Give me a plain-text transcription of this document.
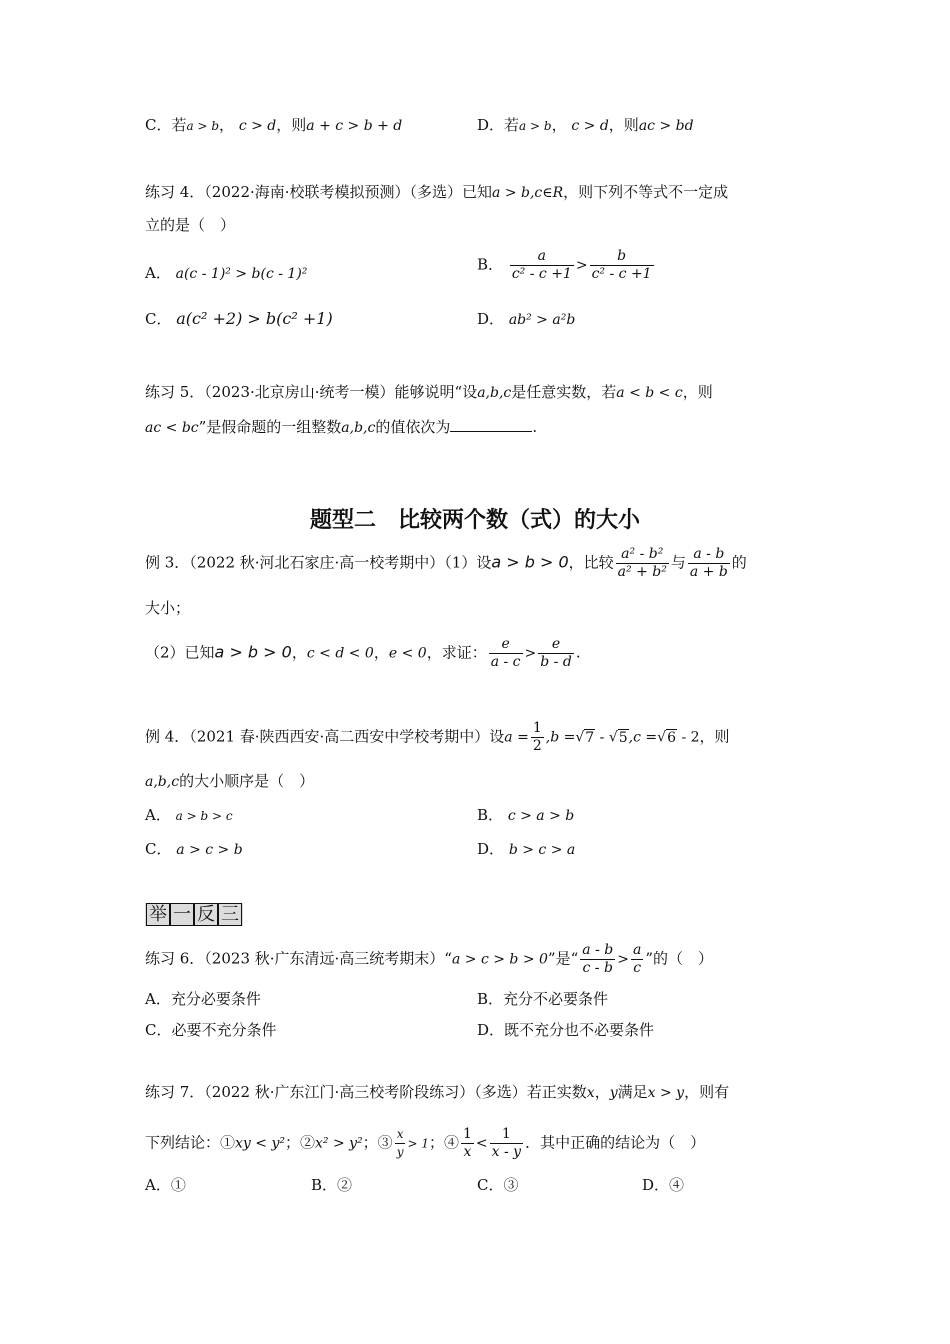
C．若a > b， c > d，则a + c > b + d	D．若a > b， c > d，则ac > bd
练习 4．（2022·海南·校联考模拟预测）（多选）已知a > b,c∈R，则下列不等式不一定成
立的是（　）
A． a(c - 1)² > b(c - 1)²
B． $\frac{a}{\text{c² - c +1}} > \frac{b}{\text{c² - c +1}}$
C． a(c² +2) > b(c² +1)	D． ab² > a²b
练习 5．（2023·北京房山·统考一模）能够说明“设a,b,c是任意实数，若a < b < c，则
ac < bc”是假命题的一组整数a,b,c的值依次为	.
题型二　比较两个数（式）的大小
例 3．（2022 秋·河北石家庄·高一校考期中）（1）设a > b > 0，比较 $\frac{\text{a² - b²}}{\text{a² + b²}}$ 与 $\frac{a - b}{a + b}$ 的
大小；
（2）已知a > b > 0，c < d < 0，e < 0，求证： $\frac{e}{a - c} > \frac{e}{b - d}$ .
例 4．（2021 春·陕西西安·高二西安中学校考期中）设$a = \frac{1}{2} ,b =√7 - √5,c =√6 - 2$，则
a,b,c的大小顺序是（　）
A． a > b > c	B． c > a > b
C． a > c > b	D． b > c > a
举 一 反 三
练习 6．（2023 秋·广东清远·高三统考期末）“a > c > b > 0”是“ $\frac{a - b}{c - b} > \frac{a}{c}$ ”的（　）
A．充分必要条件	B．充分不必要条件
C．必要不充分条件	D．既不充分也不必要条件
练习 7．（2022 秋·广东江门·高三校考阶段练习）（多选）若正实数x，y满足x > y，则有
下列结论：①xy < y²；②x² > y²；③ $\frac{x}{y} > 1$；④ $\frac{1}{x} < \frac{1}{x - y}$ ．其中正确的结论为（　）
A．①	B．②	C．③	D．④
